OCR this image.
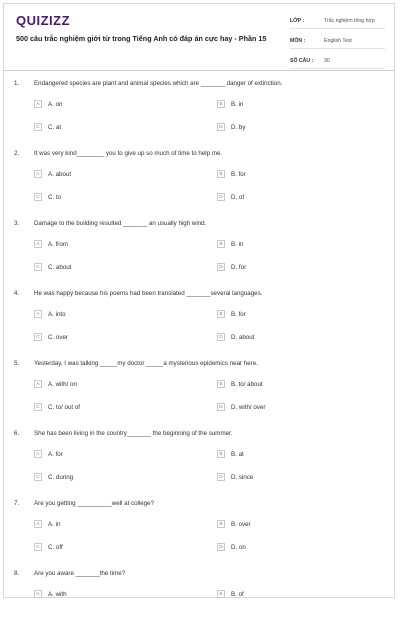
QUIZIZZ
500 câu trắc nghiệm giới từ trong Tiếng Anh có đáp án cực hay - Phần 15
LỚP :	Trắc nghiệm tổng hợp
MÔN :	English Test
SỐ CÂU :	30
1. Endangered species are plant and animal species which are _______ danger of extinction.
A	A. on	B	B. in
C	C. at	D	D. by
2. It was very kind________ you to give up so much of time to help me.
A	A. about	B	B. for
C	C. to	D	D. of
3. Damage to the building resulted _______ an usually high wind.
A	A. from	B	B. in
C	C. about	D	D. for
4. He was happy because his poems had been translated _______several languages.
A	A. into	B	B. for
C	C. over	D	D. about
5. Yesterday, I was talking _____my doctor _____a mysterious epidemics near here.
A	A. with/ on	B	B. to/ about
C	C. to/ out of	D	D. with/ over
6. She has been living in the country_______ the beginning of the summer.
A	A. for	B	B. at
C	C. during	D	D. since
7. Are you getting __________well at college?
A	A. in	B	B. over
C	C. off	D	D. on
8. Are you aware _______the time?
A	A. with	B	B. of
